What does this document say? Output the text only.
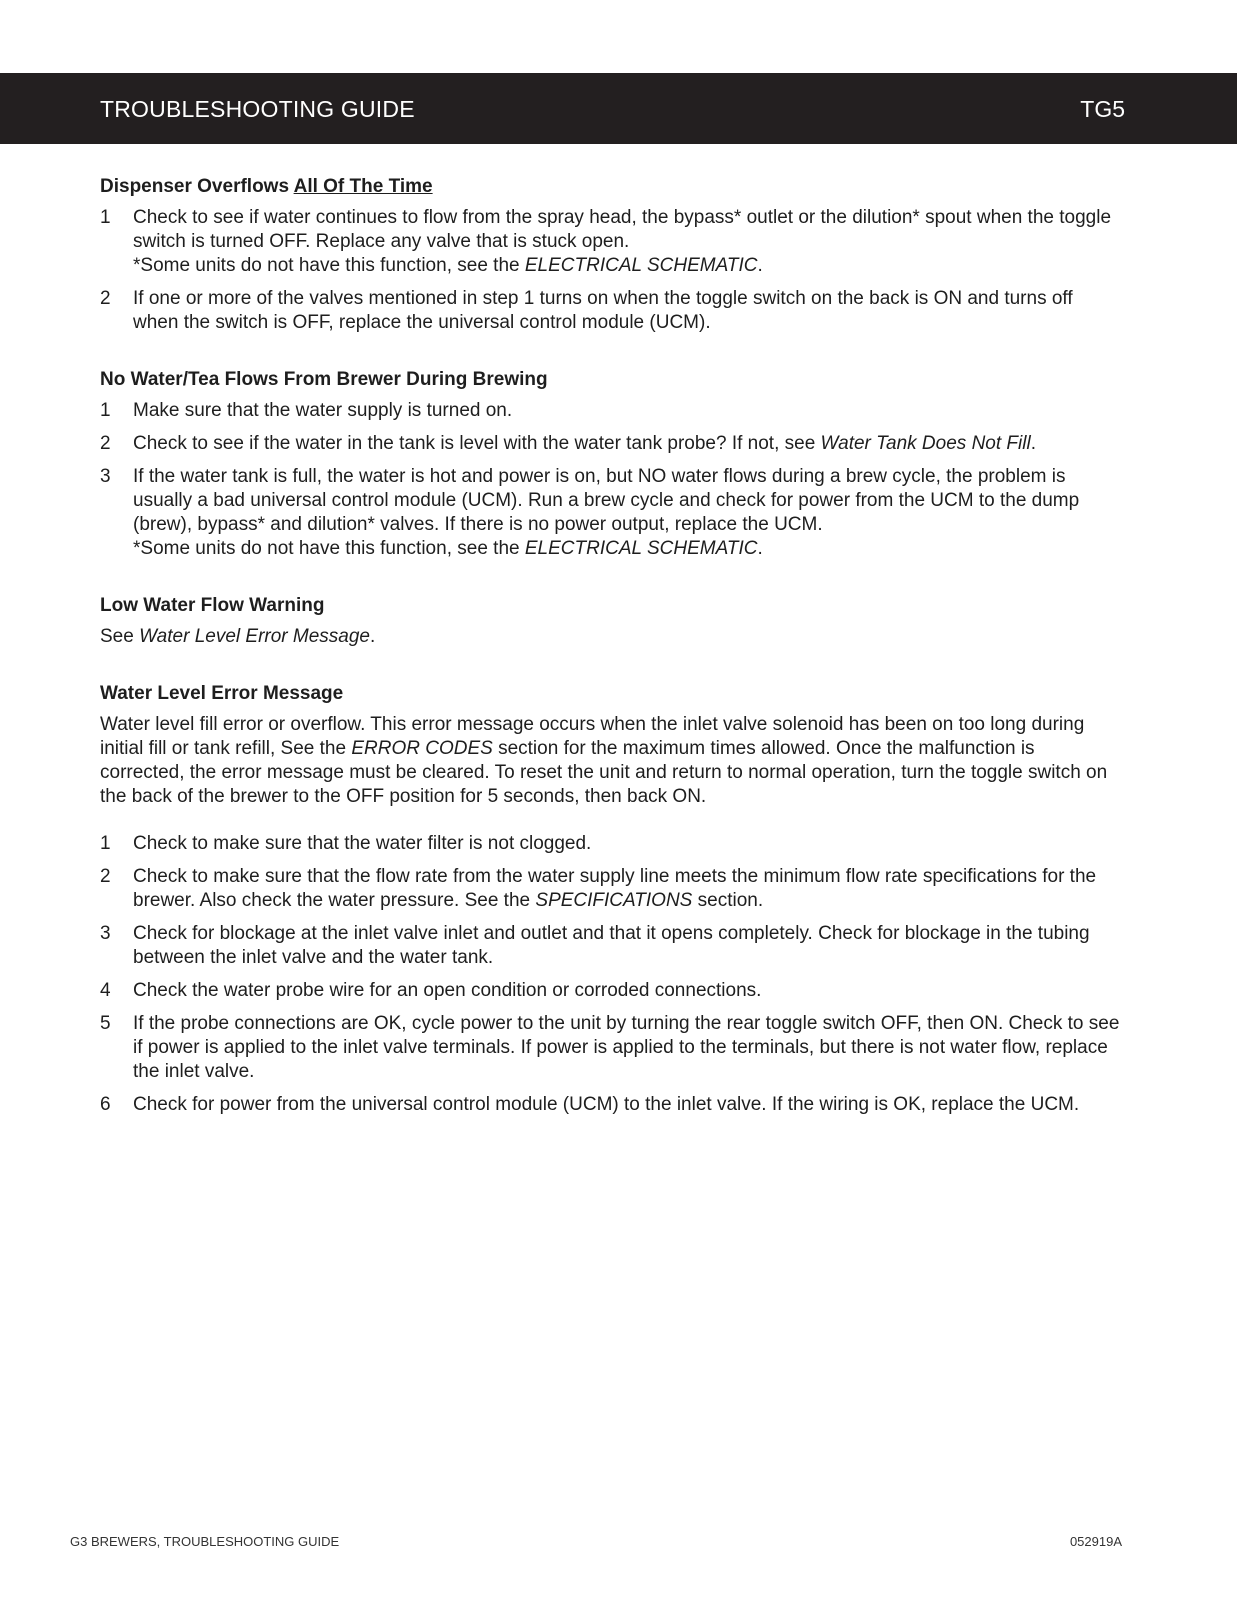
TROUBLESHOOTING GUIDE	TG5
Dispenser Overflows All Of The Time
1	Check to see if water continues to flow from the spray head, the bypass* outlet or the dilution* spout when the toggle switch is turned OFF. Replace any valve that is stuck open.
*Some units do not have this function, see the ELECTRICAL SCHEMATIC.
2	If one or more of the valves mentioned in step 1 turns on when the toggle switch on the back is ON and turns off when the switch is OFF, replace the universal control module (UCM).
No Water/Tea Flows From Brewer During Brewing
1	Make sure that the water supply is turned on.
2	Check to see if the water in the tank is level with the water tank probe? If not, see Water Tank Does Not Fill.
3	If the water tank is full, the water is hot and power is on, but NO water flows during a brew cycle, the problem is usually a bad universal control module (UCM). Run a brew cycle and check for power from the UCM to the dump (brew), bypass* and dilution* valves. If there is no power output, replace the UCM.
*Some units do not have this function, see the ELECTRICAL SCHEMATIC.
Low Water Flow Warning
See Water Level Error Message.
Water Level Error Message

Water level fill error or overflow. This error message occurs when the inlet valve solenoid has been on too long during initial fill or tank refill, See the ERROR CODES section for the maximum times allowed. Once the malfunction is corrected, the error message must be cleared. To reset the unit and return to normal operation, turn the toggle switch on the back of the brewer to the OFF position for 5 seconds, then back ON.

1	Check to make sure that the water filter is not clogged.
2	Check to make sure that the flow rate from the water supply line meets the minimum flow rate specifications for the brewer. Also check the water pressure. See the SPECIFICATIONS section.
3	Check for blockage at the inlet valve inlet and outlet and that it opens completely. Check for blockage in the tubing between the inlet valve and the water tank.
4	Check the water probe wire for an open condition or corroded connections.
5	If the probe connections are OK, cycle power to the unit by turning the rear toggle switch OFF, then ON. Check to see if power is applied to the inlet valve terminals. If power is applied to the terminals, but there is not water flow, replace the inlet valve.
6	Check for power from the universal control module (UCM) to the inlet valve. If the wiring is OK, replace the UCM.
G3 BREWERS, TROUBLESHOOTING GUIDE	052919A
